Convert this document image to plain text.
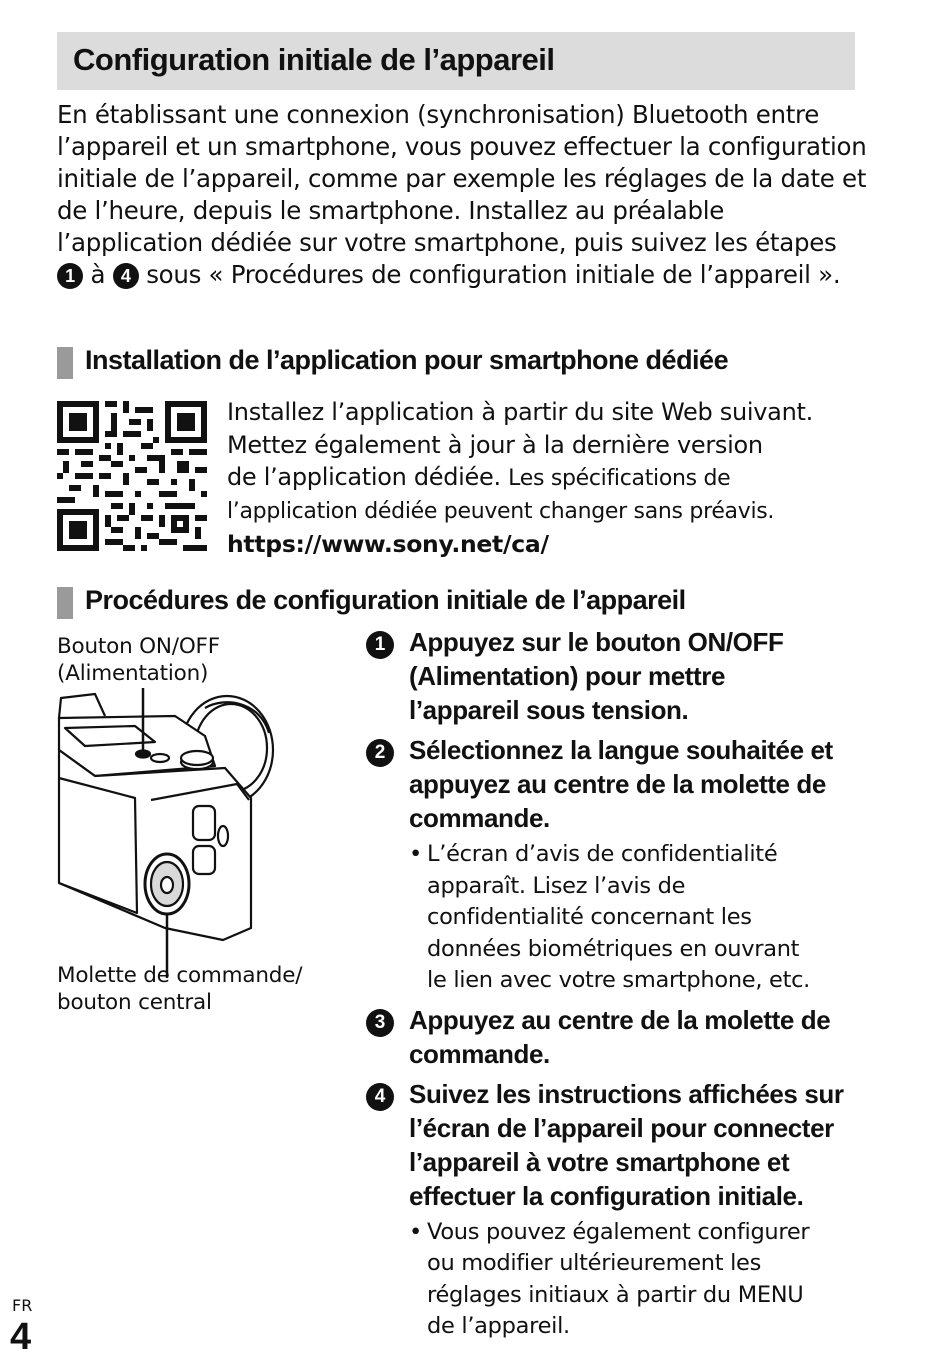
Configuration initiale de l’appareil

En établissant une connexion (synchronisation) Bluetooth entre l’appareil et un smartphone, vous pouvez effectuer la configuration initiale de l’appareil, comme par exemple les réglages de la date et de l’heure, depuis le smartphone. Installez au préalable l’application dédiée sur votre smartphone, puis suivez les étapes 1 à 4 sous « Procédures de configuration initiale de l’appareil ».

Installation de l’application pour smartphone dédiée
Installez l’application à partir du site Web suivant.
Mettez également à jour à la dernière version
de l’application dédiée. Les spécifications de
l’application dédiée peuvent changer sans préavis.
https://www.sony.net/ca/
Procédures de configuration initiale de l’appareil
Bouton ON/OFF
(Alimentation)
Molette de commande/
bouton central
1 Appuyez sur le bouton ON/OFF
(Alimentation) pour mettre
l’appareil sous tension.
2 Sélectionnez la langue souhaitée et
appuyez au centre de la molette de
commande.
• L’écran d’avis de confidentialité
apparaît. Lisez l’avis de
confidentialité concernant les
données biométriques en ouvrant
le lien avec votre smartphone, etc.
3 Appuyez au centre de la molette de
commande.
4 Suivez les instructions affichées sur
l’écran de l’appareil pour connecter
l’appareil à votre smartphone et
effectuer la configuration initiale.
• Vous pouvez également configurer
ou modifier ultérieurement les
réglages initiaux à partir du MENU
de l’appareil.
FR
4
